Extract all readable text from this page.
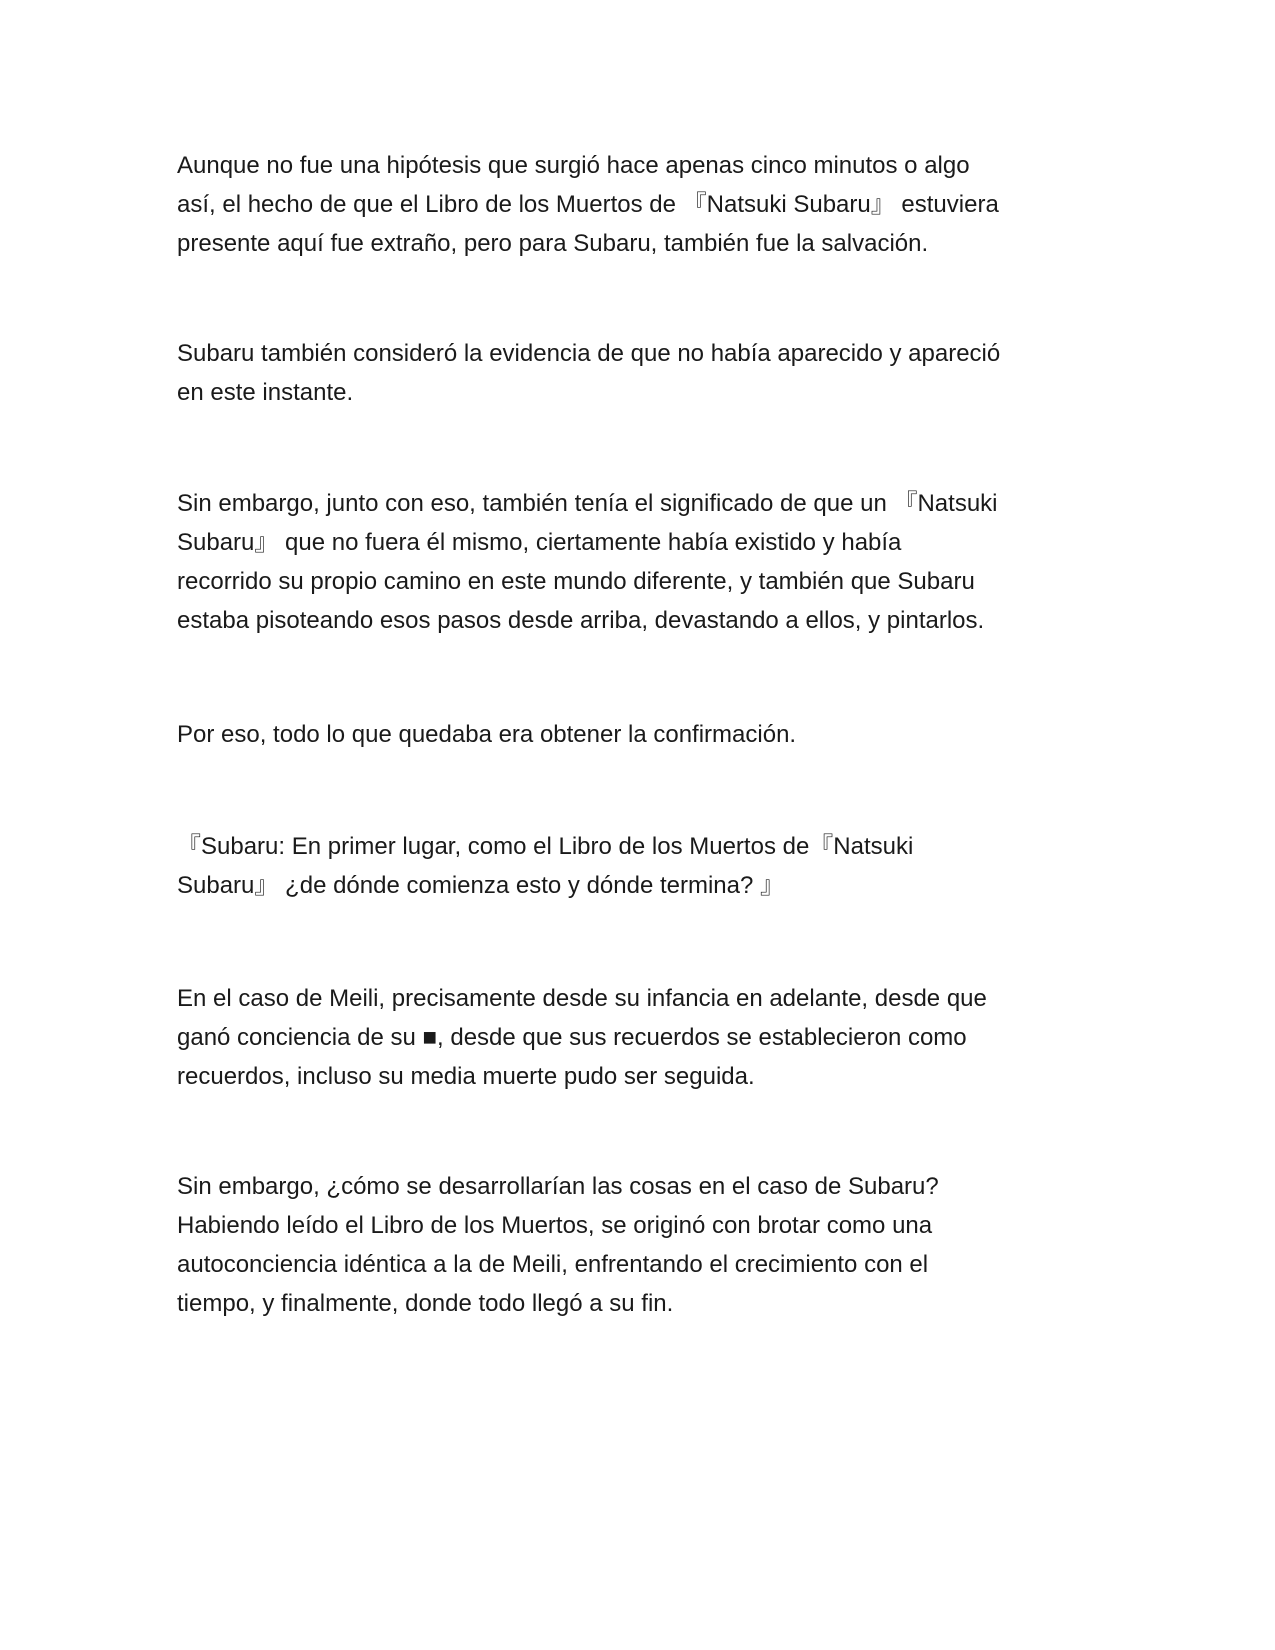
Aunque no fue una hipótesis que surgió hace apenas cinco minutos o algo
así, el hecho de que el Libro de los Muertos de 『Natsuki Subaru』 estuviera
presente aquí fue extraño, pero para Subaru, también fue la salvación.

Subaru también consideró la evidencia de que no había aparecido y apareció
en este instante.

Sin embargo, junto con eso, también tenía el significado de que un 『Natsuki
Subaru』 que no fuera él mismo, ciertamente había existido y había
recorrido su propio camino en este mundo diferente, y también que Subaru
estaba pisoteando esos pasos desde arriba, devastando a ellos, y pintarlos.

Por eso, todo lo que quedaba era obtener la confirmación.

『Subaru: En primer lugar, como el Libro de los Muertos de『Natsuki
Subaru』 ¿de dónde comienza esto y dónde termina? 』

En el caso de Meili, precisamente desde su infancia en adelante, desde que
ganó conciencia de su ■, desde que sus recuerdos se establecieron como
recuerdos, incluso su media muerte pudo ser seguida.

Sin embargo, ¿cómo se desarrollarían las cosas en el caso de Subaru?
Habiendo leído el Libro de los Muertos, se originó con brotar como una
autoconciencia idéntica a la de Meili, enfrentando el crecimiento con el
tiempo, y finalmente, donde todo llegó a su fin.
